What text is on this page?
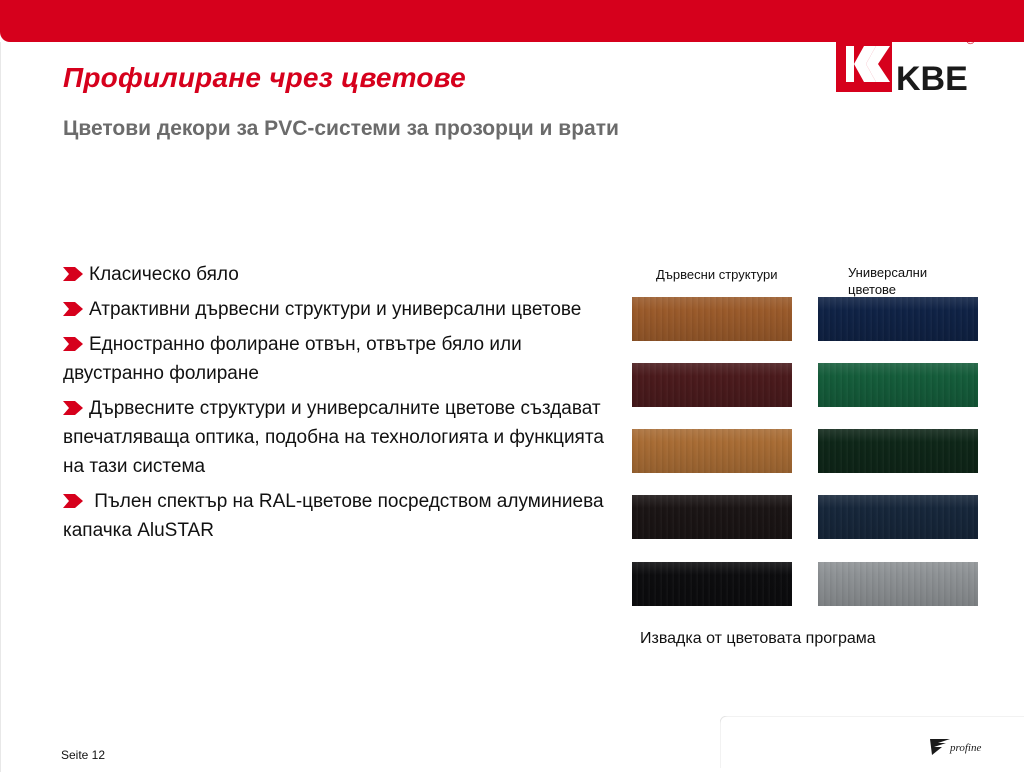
KBE
®
Профилиране чрез цветове
Цветови декори за PVC-системи за прозорци и врати
Класическо бяло
Атрактивни дървесни структури и универсални цветове
Едностранно фолиране отвън, отвътре бяло или двустранно фолиране
Дървесните структури и универсалните цветове създават впечатляваща оптика, подобна на технологията и функцията на тази система
Пълен спектър на RAL-цветове посредством алуминиева капачка AluSTAR
Дървесни структури	Универсални цветове
Извадка от цветовата програма
Seite 12	profine
